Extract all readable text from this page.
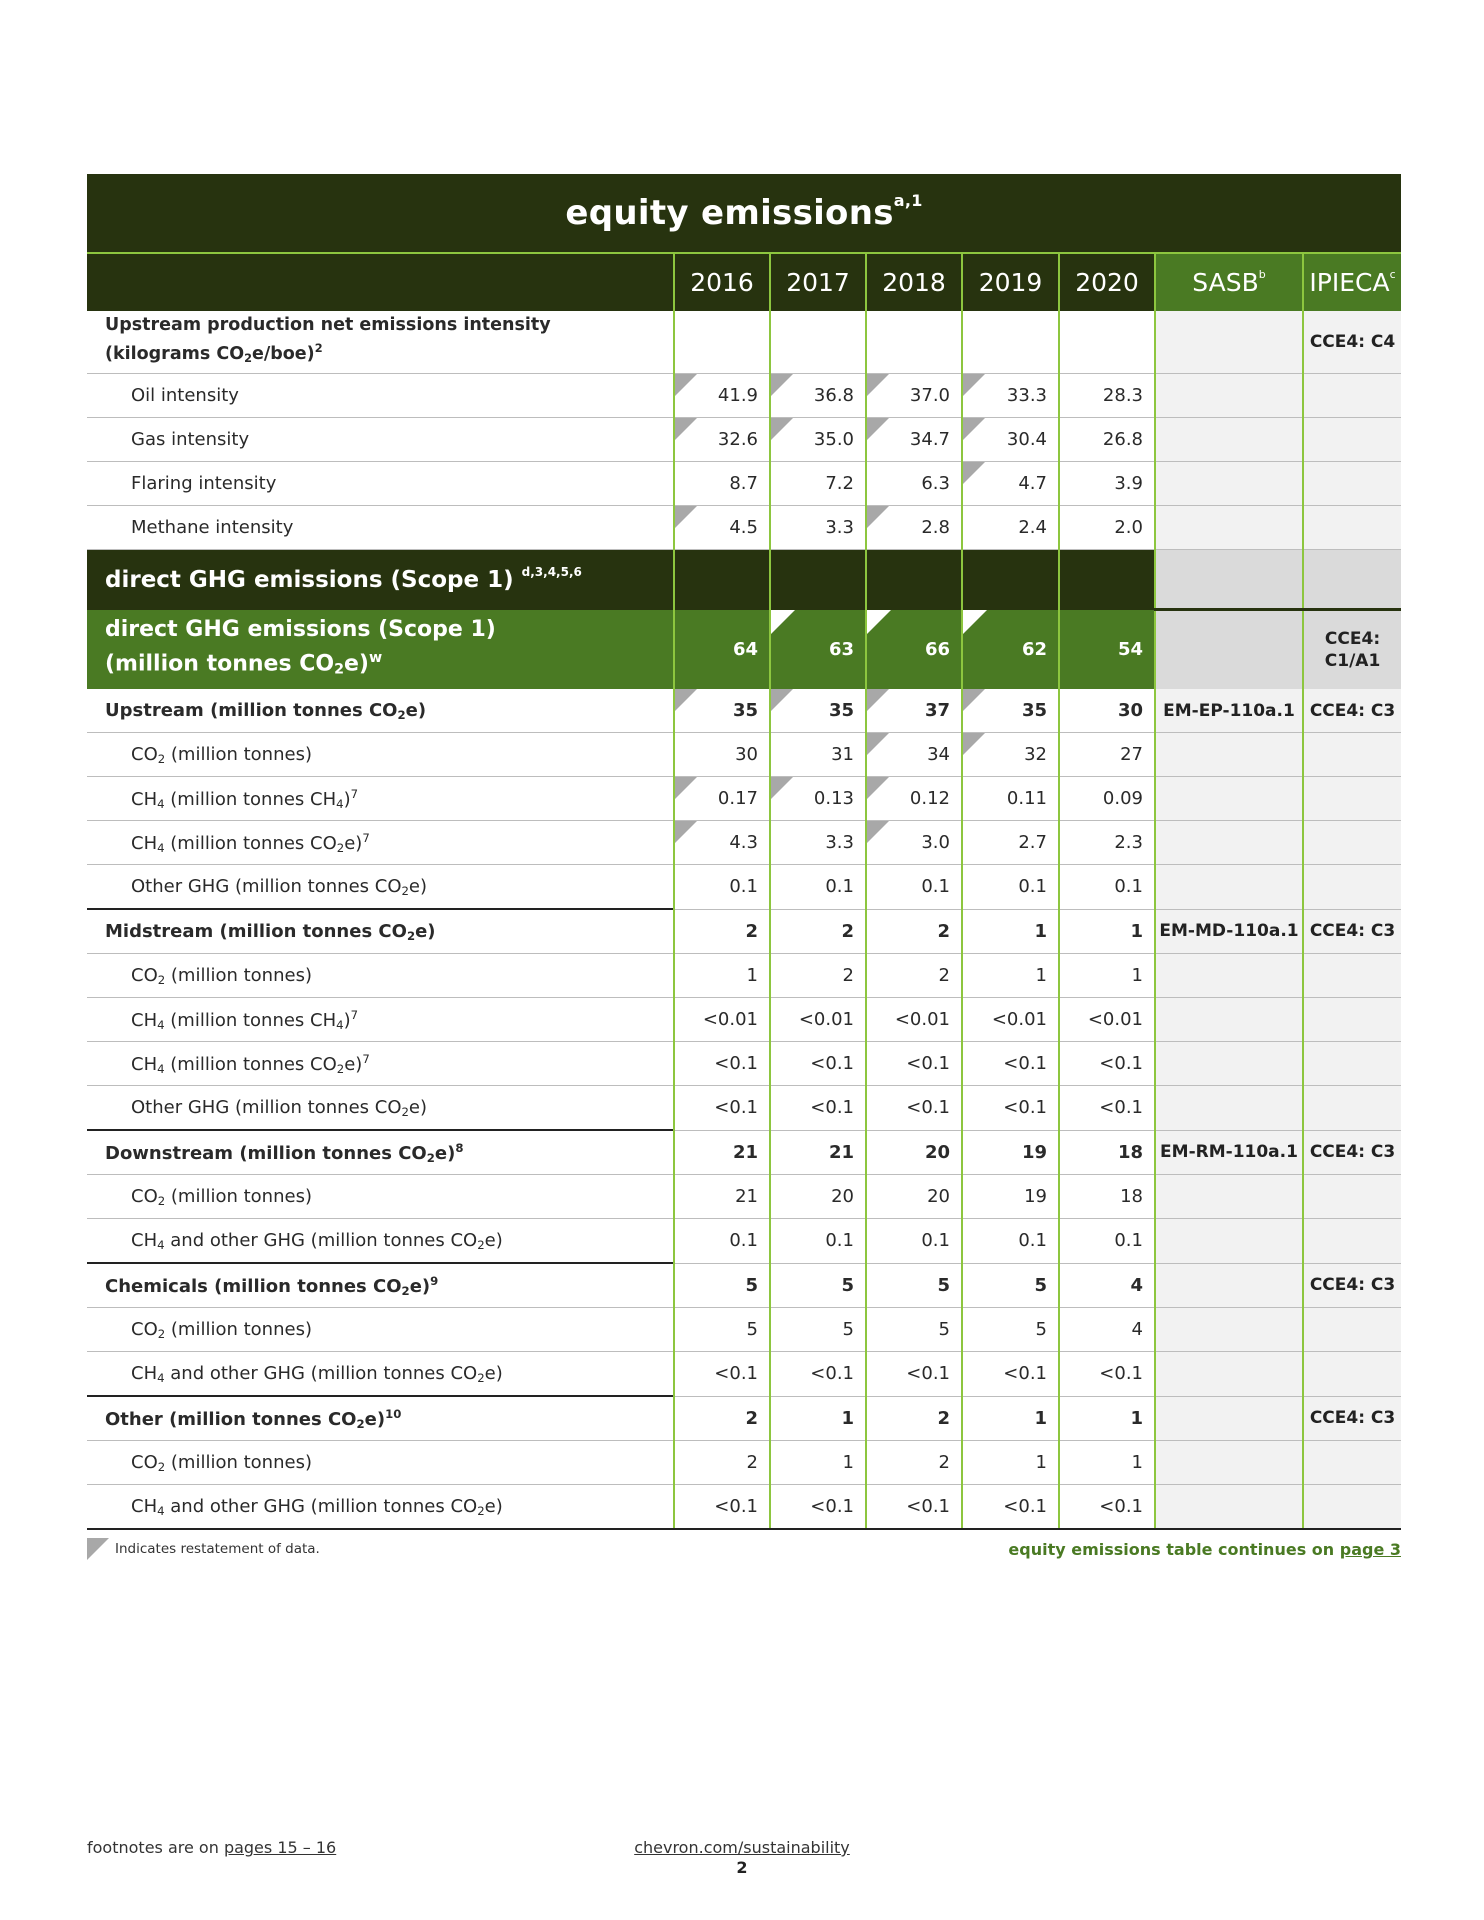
equity emissions$^{a,1}$
	2016	2017	2018	2019	2020	SASB$^b$	IPIECA$^c$
Upstream production net emissions intensity
(kilograms $CO_2e/boe)^2$							CCE4: C4
Oil intensity	41.9	36.8	37.0	33.3	28.3		
Gas intensity	32.6	35.0	34.7	30.4	26.8		
Flaring intensity	8.7	7.2	6.3	4.7	3.9		
Methane intensity	4.5	3.3	2.8	2.4	2.0		
direct GHG emissions (Scope 1) $^{d,3,4,5,6}$							
direct GHG emissions (Scope 1)
(million tonnes $CO_2e)^w$	64	63	66	62	54		CCE4:
C1/A1
Upstream (million tonnes $CO_2e$)	35	35	37	35	30	EM-EP-110a.1	CCE4: C3
$CO_2$ (million tonnes)	30	31	34	32	27		
$CH_4$ (million tonnes $CH_4)^7$	0.17	0.13	0.12	0.11	0.09		
$CH_4$ (million tonnes $CO_2e)^7$	4.3	3.3	3.0	2.7	2.3		
Other GHG (million tonnes $CO_2e$)	0.1	0.1	0.1	0.1	0.1		
Midstream (million tonnes $CO_2e$)	2	2	2	1	1	EM-MD-110a.1	CCE4: C3
$CO_2$ (million tonnes)	1	2	2	1	1		
$CH_4$ (million tonnes $CH_4)^7$	<0.01	<0.01	<0.01	<0.01	<0.01		
$CH_4$ (million tonnes $CO_2e)^7$	<0.1	<0.1	<0.1	<0.1	<0.1		
Other GHG (million tonnes $CO_2e$)	<0.1	<0.1	<0.1	<0.1	<0.1		
Downstream (million tonnes $CO_2e)^8$	21	21	20	19	18	EM-RM-110a.1	CCE4: C3
$CO_2$ (million tonnes)	21	20	20	19	18		
$CH_4$ and other GHG (million tonnes $CO_2e$)	0.1	0.1	0.1	0.1	0.1		
Chemicals (million tonnes $CO_2e)^9$	5	5	5	5	4		CCE4: C3
$CO_2$ (million tonnes)	5	5	5	5	4		
$CH_4$ and other GHG (million tonnes $CO_2e$)	<0.1	<0.1	<0.1	<0.1	<0.1		
Other (million tonnes $CO_2e)^{10}$	2	1	2	1	1		CCE4: C3
$CO_2$ (million tonnes)	2	1	2	1	1		
$CH_4$ and other GHG (million tonnes $CO_2e$)	<0.1	<0.1	<0.1	<0.1	<0.1		
Indicates restatement of data.	equity emissions table continues on page 3
footnotes are on pages 15 – 16	chevron.com/sustainability
2
